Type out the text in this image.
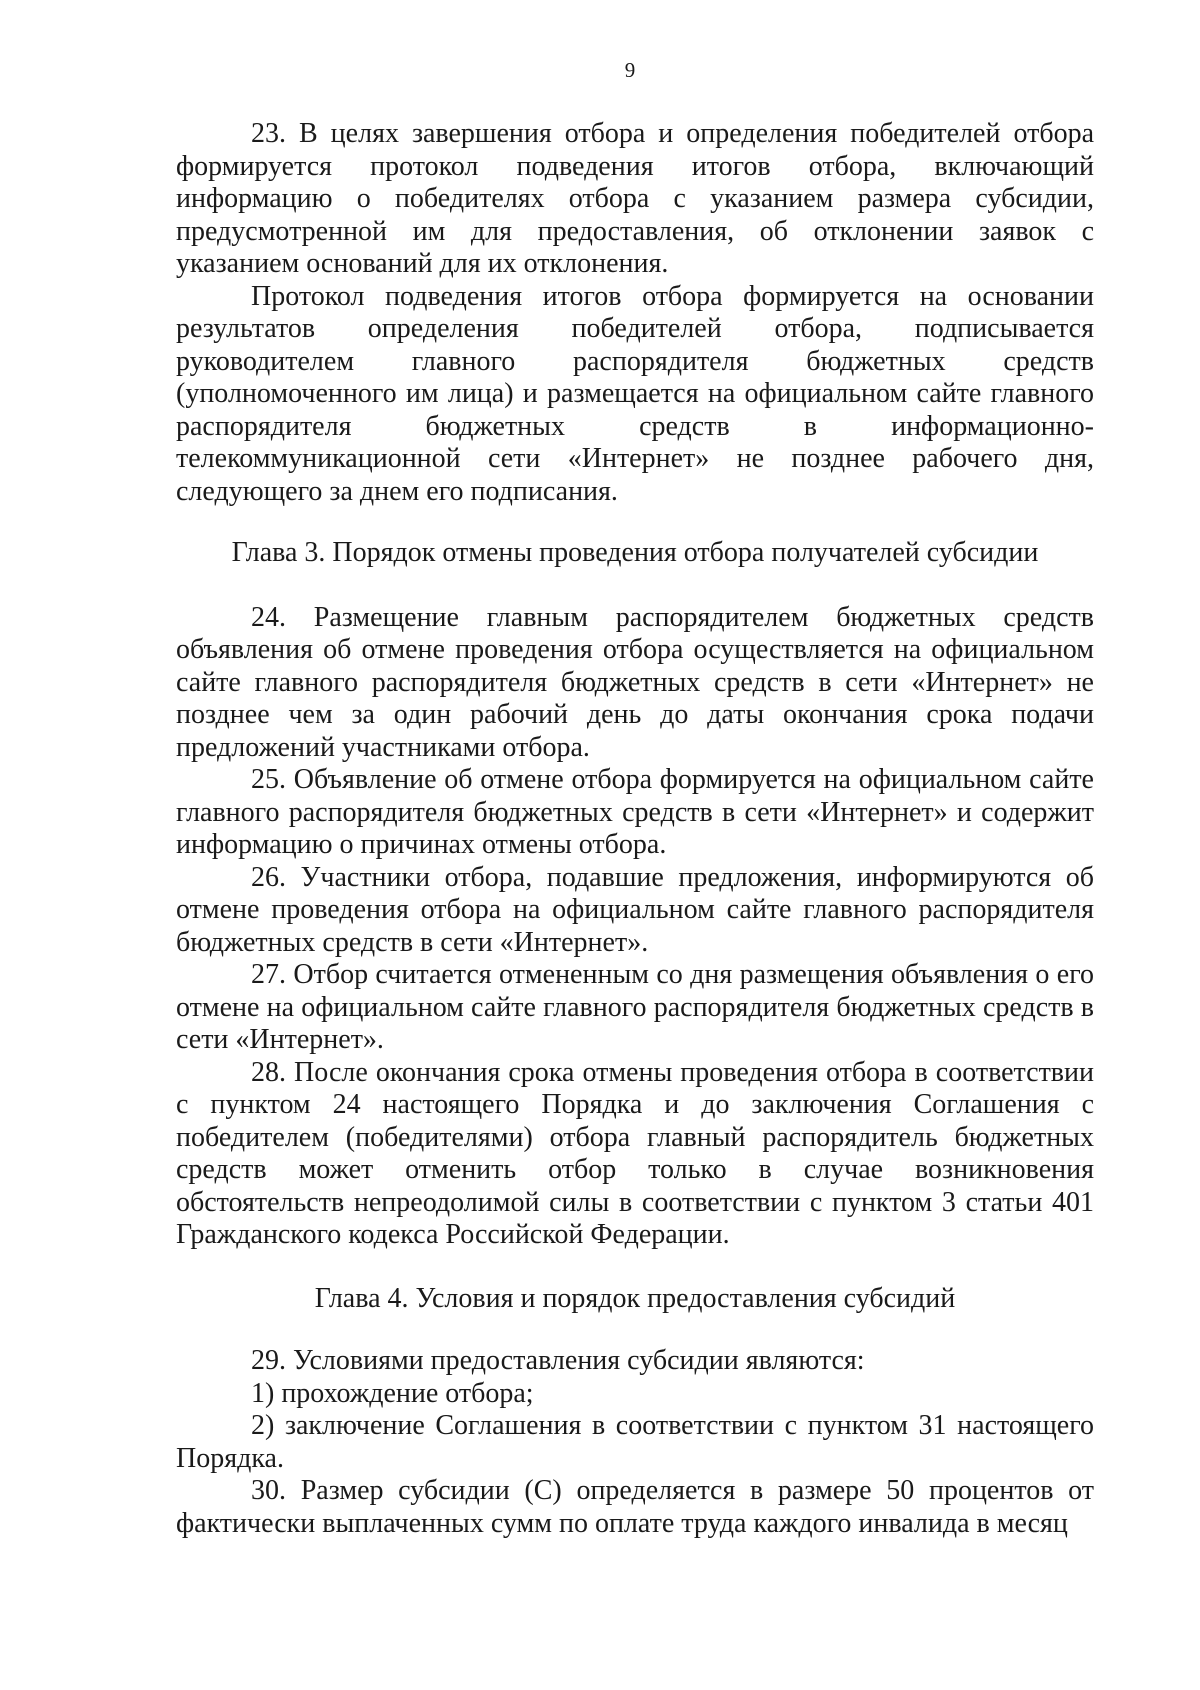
9

23. В целях завершения отбора и определения победителей отбора формируется протокол подведения итогов отбора, включающий информацию о победителях отбора с указанием размера субсидии, предусмотренной им для предоставления, об отклонении заявок с указанием оснований для их отклонения.

Протокол подведения итогов отбора формируется на основании результатов определения победителей отбора, подписывается руководителем главного распорядителя бюджетных средств (уполномоченного им лица) и размещается на официальном сайте главного распорядителя бюджетных средств в информационно-телекоммуникационной сети «Интернет» не позднее рабочего дня, следующего за днем его подписания.

Глава 3. Порядок отмены проведения отбора получателей субсидии

24. Размещение главным распорядителем бюджетных средств объявления об отмене проведения отбора осуществляется на официальном сайте главного распорядителя бюджетных средств в сети «Интернет» не позднее чем за один рабочий день до даты окончания срока подачи предложений участниками отбора.

25. Объявление об отмене отбора формируется на официальном сайте главного распорядителя бюджетных средств в сети «Интернет» и содержит информацию о причинах отмены отбора.

26. Участники отбора, подавшие предложения, информируются об отмене проведения отбора на официальном сайте главного распорядителя бюджетных средств в сети «Интернет».

27. Отбор считается отмененным со дня размещения объявления о его отмене на официальном сайте главного распорядителя бюджетных средств в сети «Интернет».

28. После окончания срока отмены проведения отбора в соответствии с пунктом 24 настоящего Порядка и до заключения Соглашения с победителем (победителями) отбора главный распорядитель бюджетных средств может отменить отбор только в случае возникновения обстоятельств непреодолимой силы в соответствии с пунктом 3 статьи 401 Гражданского кодекса Российской Федерации.

Глава 4. Условия и порядок предоставления субсидий

29. Условиями предоставления субсидии являются:

1) прохождение отбора;

2) заключение Соглашения в соответствии с пунктом 31 настоящего Порядка.

30. Размер субсидии (С) определяется в размере 50 процентов от фактически выплаченных сумм по оплате труда каждого инвалида в месяц
